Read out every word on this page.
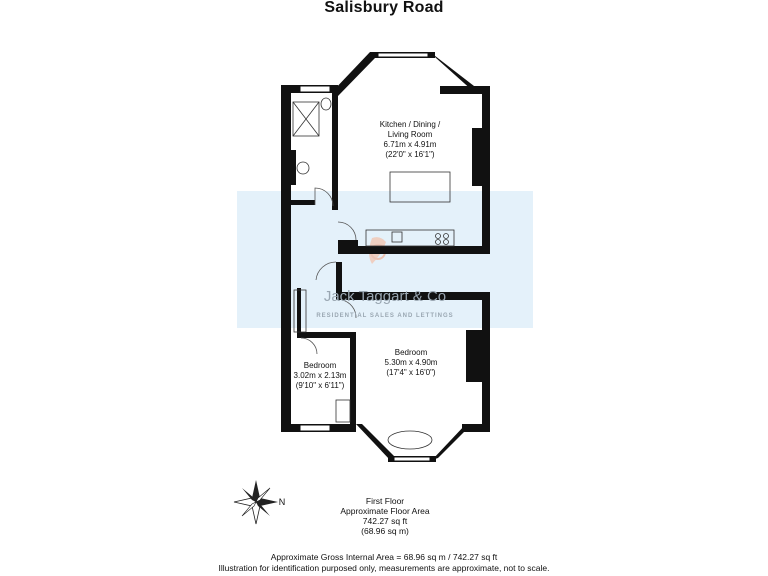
Salisbury Road
Jack Taggart & Co
RESIDENTIAL SALES AND LETTINGS
Kitchen / Dining /
Living Room
6.71m x 4.91m
(22'0" x 16'1")
Bedroom
5.30m x 4.90m
(17'4" x 16'0")
Bedroom
3.02m x 2.13m
(9'10" x 6'11")
N	First Floor
Approximate Floor Area
742.27 sq ft
(68.96 sq m)
Approximate Gross Internal Area = 68.96 sq m / 742.27 sq ft
Illustration for identification purposed only, measurements are approximate, not to scale.
